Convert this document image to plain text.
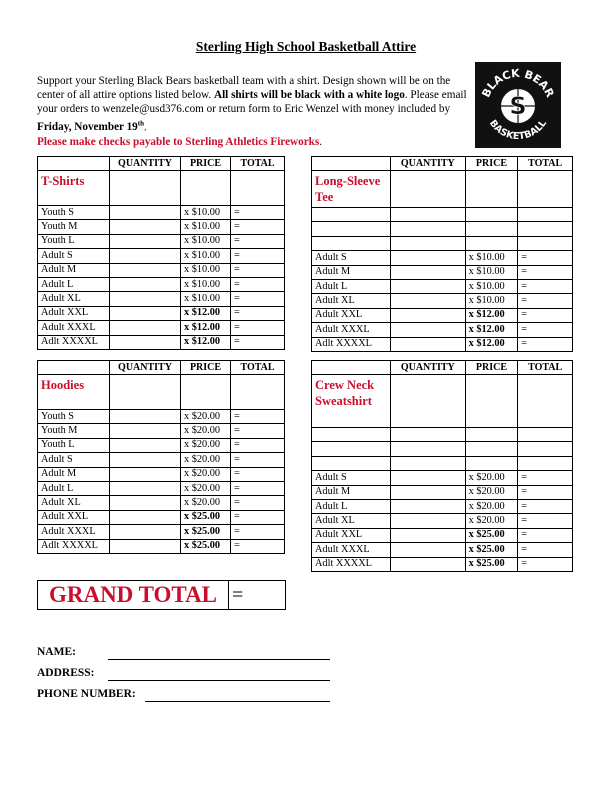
Sterling High School Basketball Attire
Support your Sterling Black Bears basketball team with a shirt. Design shown will be on the center of all attire options listed below. All shirts will be black with a white logo. Please email your orders to wenzele@usd376.com or return form to Eric Wenzel with money included by Friday, November 19th.
Please make checks payable to Sterling Athletics Fireworks.
BLACK BEAR
BASKETBALL
S
	QUANTITY	PRICE	TOTAL
T-Shirts			
Youth S		x $10.00	=
Youth M		x $10.00	=
Youth L		x $10.00	=
Adult S		x $10.00	=
Adult M		x $10.00	=
Adult L		x $10.00	=
Adult XL		x $10.00	=
Adult XXL		x $12.00	=
Adult XXXL		x $12.00	=
Adlt XXXXL		x $12.00	=
	QUANTITY	PRICE	TOTAL
Long-Sleeve Tee			

Adult S		x $10.00	=
Adult M		x $10.00	=
Adult L		x $10.00	=
Adult XL		x $10.00	=
Adult XXL		x $12.00	=
Adult XXXL		x $12.00	=
Adlt XXXXL		x $12.00	=
	QUANTITY	PRICE	TOTAL
Hoodies			
Youth S		x $20.00	=
Youth M		x $20.00	=
Youth L		x $20.00	=
Adult S		x $20.00	=
Adult M		x $20.00	=
Adult L		x $20.00	=
Adult XL		x $20.00	=
Adult XXL		x $25.00	=
Adult XXXL		x $25.00	=
Adlt XXXXL		x $25.00	=
	QUANTITY	PRICE	TOTAL
Crew Neck Sweatshirt			

Adult S		x $20.00	=
Adult M		x $20.00	=
Adult L		x $20.00	=
Adult XL		x $20.00	=
Adult XXL		x $25.00	=
Adult XXXL		x $25.00	=
Adlt XXXXL		x $25.00	=
GRAND TOTAL =
NAME:
ADDRESS:
PHONE NUMBER:
